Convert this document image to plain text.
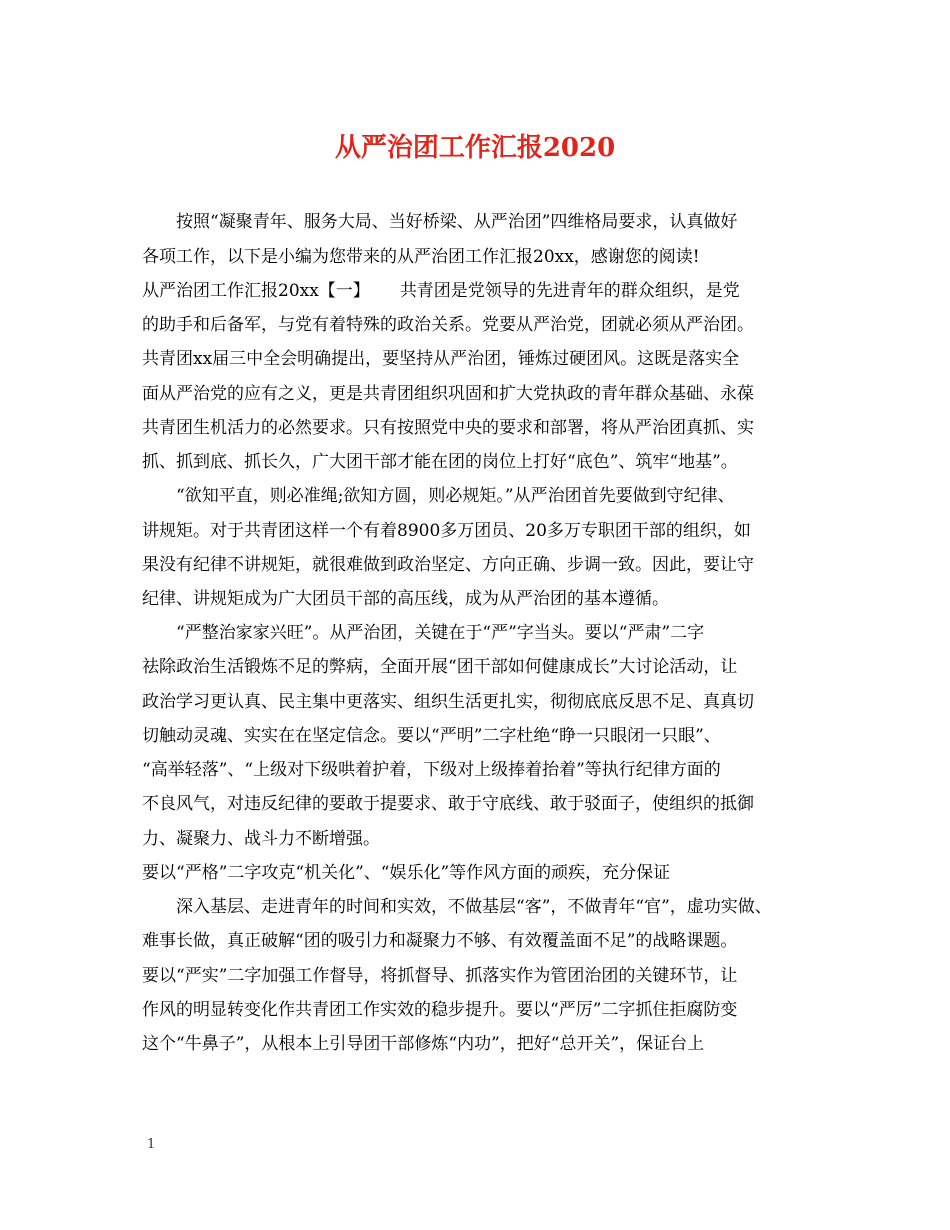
从严治团工作汇报2020

按照“凝聚青年、服务大局、当好桥梁、从严治团”四维格局要求，认真做好

各项工作，以下是小编为您带来的从严治团工作汇报20xx，感谢您的阅读!

从严治团工作汇报20xx【一】 共青团是党领导的先进青年的群众组织，是党

的助手和后备军，与党有着特殊的政治关系。党要从严治党，团就必须从严治团。

共青团xx届三中全会明确提出，要坚持从严治团，锤炼过硬团风。这既是落实全

面从严治党的应有之义，更是共青团组织巩固和扩大党执政的青年群众基础、永葆

共青团生机活力的必然要求。只有按照党中央的要求和部署，将从严治团真抓、实

抓、抓到底、抓长久，广大团干部才能在团的岗位上打好“底色”、筑牢“地基”。

“欲知平直，则必准绳;欲知方圆，则必规矩。”从严治团首先要做到守纪律、

讲规矩。对于共青团这样一个有着8900多万团员、20多万专职团干部的组织，如

果没有纪律不讲规矩，就很难做到政治坚定、方向正确、步调一致。因此，要让守

纪律、讲规矩成为广大团员干部的高压线，成为从严治团的基本遵循。

“严整治家家兴旺”。从严治团，关键在于“严”字当头。要以“严肃”二字

祛除政治生活锻炼不足的弊病，全面开展“团干部如何健康成长”大讨论活动，让

政治学习更认真、民主集中更落实、组织生活更扎实，彻彻底底反思不足、真真切

切触动灵魂、实实在在坚定信念。要以“严明”二字杜绝“睁一只眼闭一只眼”、

“高举轻落”、“上级对下级哄着护着，下级对上级捧着抬着”等执行纪律方面的

不良风气，对违反纪律的要敢于提要求、敢于守底线、敢于驳面子，使组织的抵御

力、凝聚力、战斗力不断增强。

要以“严格”二字攻克“机关化”、“娱乐化”等作风方面的顽疾，充分保证

深入基层、走进青年的时间和实效，不做基层“客”，不做青年“官”，虚功实做、

难事长做，真正破解“团的吸引力和凝聚力不够、有效覆盖面不足”的战略课题。

要以“严实”二字加强工作督导，将抓督导、抓落实作为管团治团的关键环节，让

作风的明显转变化作共青团工作实效的稳步提升。要以“严厉”二字抓住拒腐防变

这个“牛鼻子”，从根本上引导团干部修炼“内功”，把好“总开关”，保证台上

1
